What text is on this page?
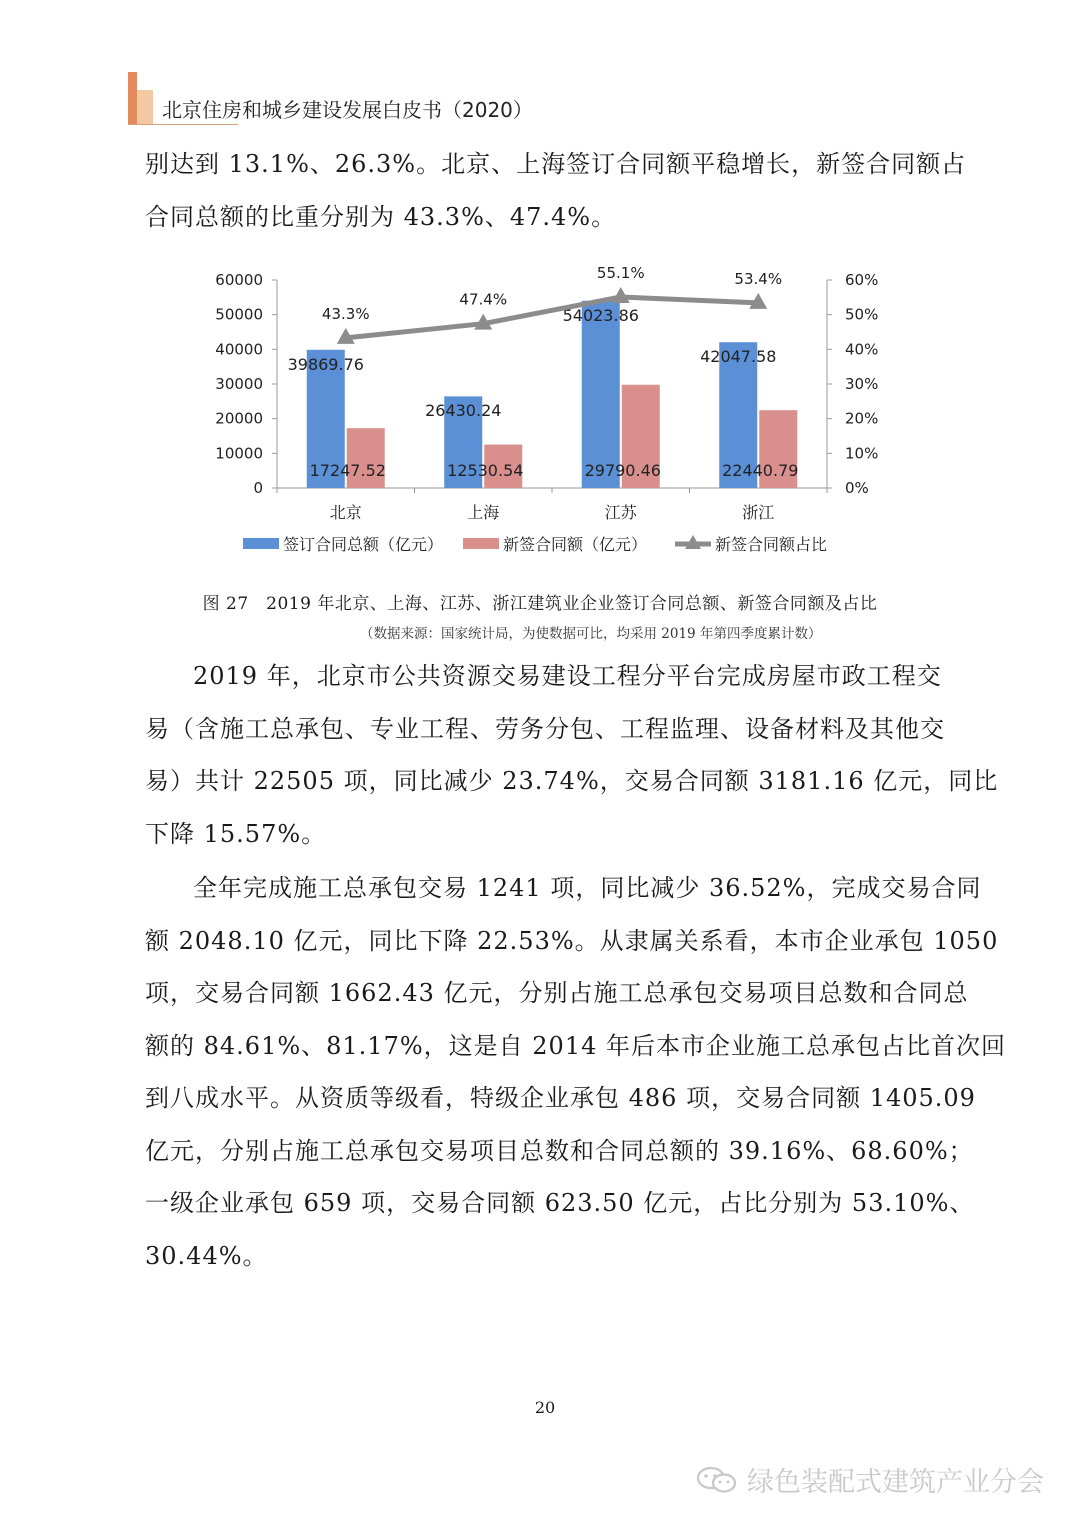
北京住房和城乡建设发展白皮书（2020）

别达到 13.1%、26.3%。北京、上海签订合同额平稳增长，新签合同额占
合同总额的比重分别为 43.3%、47.4%。

0
10000
20000
30000
40000
50000
60000
0%
10%
20%
30%
40%
50%
60%
北京	上海	江苏	浙江
39869.76
26430.24
54023.86
42047.58
17247.52	12530.54	29790.46	22440.79
43.3%
47.4%
55.1%	53.4%
签订合同总额（亿元）	新签合同额（亿元）	新签合同额占比
图 27　2019 年北京、上海、江苏、浙江建筑业企业签订合同总额、新签合同额及占比
（数据来源：国家统计局，为使数据可比，均采用 2019 年第四季度累计数）

2019 年，北京市公共资源交易建设工程分平台完成房屋市政工程交
易（含施工总承包、专业工程、劳务分包、工程监理、设备材料及其他交
易）共计 22505 项，同比减少 23.74%，交易合同额 3181.16 亿元，同比
下降 15.57%。

全年完成施工总承包交易 1241 项，同比减少 36.52%，完成交易合同
额 2048.10 亿元，同比下降 22.53%。从隶属关系看，本市企业承包 1050
项，交易合同额 1662.43 亿元，分别占施工总承包交易项目总数和合同总
额的 84.61%、81.17%，这是自 2014 年后本市企业施工总承包占比首次回
到八成水平。从资质等级看，特级企业承包 486 项，交易合同额 1405.09
亿元，分别占施工总承包交易项目总数和合同总额的 39.16%、68.60%；
一级企业承包 659 项，交易合同额 623.50 亿元，占比分别为 53.10%、
30.44%。

20
绿色装配式建筑产业分会
